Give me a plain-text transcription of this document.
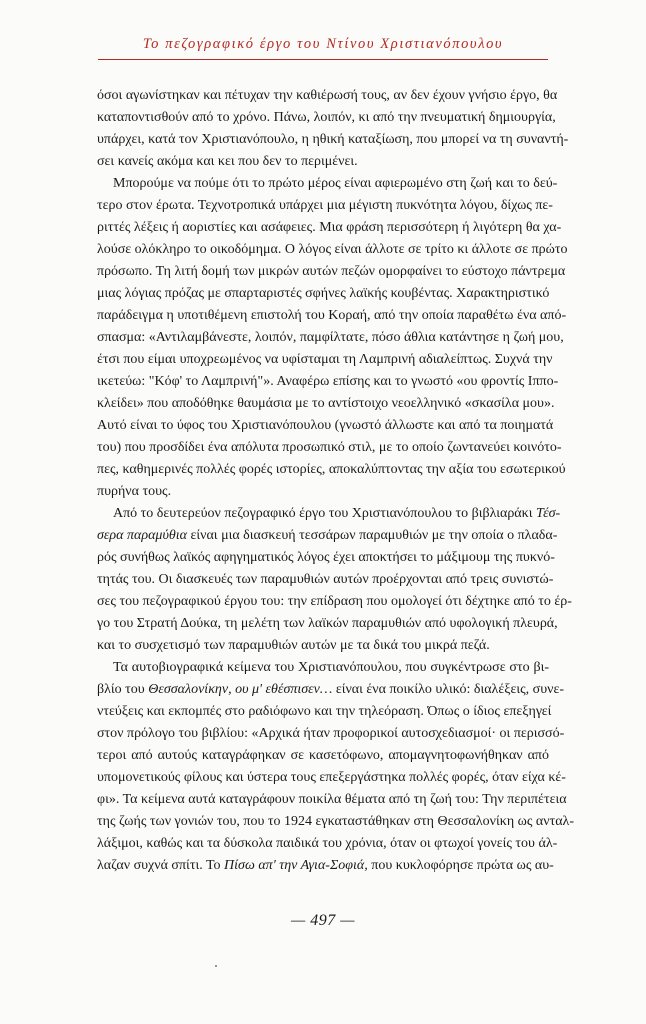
Το πεζογραφικό έργο του Ντίνου Χριστιανόπουλου
όσοι αγωνίστηκαν και πέτυχαν την καθιέρωσή τους, αν δεν έχουν γνήσιο έργο, θα
καταποντισθούν από το χρόνο. Πάνω, λοιπόν, κι από την πνευματική δημιουργία,
υπάρχει, κατά τον Χριστιανόπουλο, η ηθική καταξίωση, που μπορεί να τη συναντή-
σει κανείς ακόμα και κει που δεν το περιμένει.
Μπορούμε να πούμε ότι το πρώτο μέρος είναι αφιερωμένο στη ζωή και το δεύ-
τερο στον έρωτα. Τεχνοτροπικά υπάρχει μια μέγιστη πυκνότητα λόγου, δίχως πε-
ριττές λέξεις ή αοριστίες και ασάφειες. Μια φράση περισσότερη ή λιγότερη θα χα-
λούσε ολόκληρο το οικοδόμημα. Ο λόγος είναι άλλοτε σε τρίτο κι άλλοτε σε πρώτο
πρόσωπο. Τη λιτή δομή των μικρών αυτών πεζών ομορφαίνει το εύστοχο πάντρεμα
μιας λόγιας πρόζας με σπαρταριστές σφήνες λαϊκής κουβέντας. Χαρακτηριστικό
παράδειγμα η υποτιθέμενη επιστολή του Κοραή, από την οποία παραθέτω ένα από-
σπασμα: «Αντιλαμβάνεστε, λοιπόν, παμφίλτατε, πόσο άθλια κατάντησε η ζωή μου,
έτσι που είμαι υποχρεωμένος να υφίσταμαι τη Λαμπρινή αδιαλείπτως. Συχνά την
ικετεύω: "Κόφ' το Λαμπρινή"». Αναφέρω επίσης και το γνωστό «ου φροντίς Ιππο-
κλείδει» που αποδόθηκε θαυμάσια με το αντίστοιχο νεοελληνικό «σκασίλα μου».
Αυτό είναι το ύφος του Χριστιανόπουλου (γνωστό άλλωστε και από τα ποιηματά
του) που προσδίδει ένα απόλυτα προσωπικό στιλ, με το οποίο ζωντανεύει κοινότο-
πες, καθημερινές πολλές φορές ιστορίες, αποκαλύπτοντας την αξία του εσωτερικού
πυρήνα τους.
Από το δευτερεύον πεζογραφικό έργο του Χριστιανόπουλου το βιβλιαράκι Τέσ-
σερα παραμύθια είναι μια διασκευή τεσσάρων παραμυθιών με την οποία ο πλαδα-
ρός συνήθως λαϊκός αφηγηματικός λόγος έχει αποκτήσει το μάξιμουμ της πυκνό-
τητάς του. Οι διασκευές των παραμυθιών αυτών προέρχονται από τρεις συνιστώ-
σες του πεζογραφικού έργου του: την επίδραση που ομολογεί ότι δέχτηκε από το έρ-
γο του Στρατή Δούκα, τη μελέτη των λαϊκών παραμυθιών από υφολογική πλευρά,
και το συσχετισμό των παραμυθιών αυτών με τα δικά του μικρά πεζά.
Τα αυτοβιογραφικά κείμενα του Χριστιανόπουλου, που συγκέντρωσε στο βι-
βλίο του Θεσσαλονίκην, ου μ' εθέσπισεν… είναι ένα ποικίλο υλικό: διαλέξεις, συνε-
ντεύξεις και εκπομπές στο ραδιόφωνο και την τηλεόραση. Όπως ο ίδιος επεξηγεί
στον πρόλογο του βιβλίου: «Αρχικά ήταν προφορικοί αυτοσχεδιασμοί· οι περισσό-
τεροι από αυτούς καταγράφηκαν σε κασετόφωνο, απομαγνητοφωνήθηκαν από
υπομονετικούς φίλους και ύστερα τους επεξεργάστηκα πολλές φορές, όταν είχα κέ-
φι». Τα κείμενα αυτά καταγράφουν ποικίλα θέματα από τη ζωή του: Την περιπέτεια
της ζωής των γονιών του, που το 1924 εγκαταστάθηκαν στη Θεσσαλονίκη ως ανταλ-
λάξιμοι, καθώς και τα δύσκολα παιδικά του χρόνια, όταν οι φτωχοί γονείς του άλ-
λαζαν συχνά σπίτι. Το Πίσω απ' την Αγια-Σοφιά, που κυκλοφόρησε πρώτα ως αυ-
— 497 —
